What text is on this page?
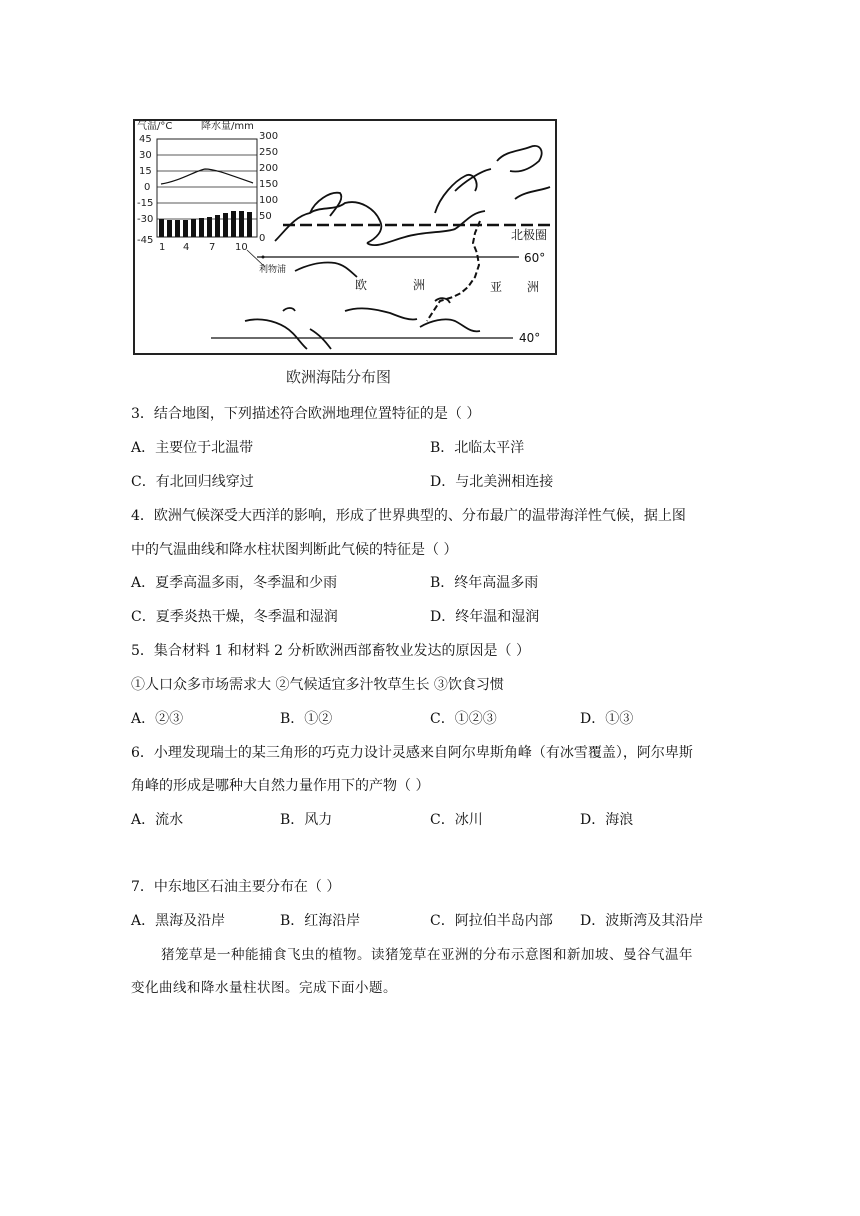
气温/°C
45
30
15
0
-15
-30
-45
降水量/mm
300
250
200
150
100
50
0
1 4 7 10
利物浦
北极圈
60°
40°
欧	洲	亚 洲
欧洲海陆分布图
3．结合地图，下列描述符合欧洲地理位置特征的是（ ）
A．主要位于北温带	B．北临太平洋
C．有北回归线穿过	D．与北美洲相连接
4．欧洲气候深受大西洋的影响，形成了世界典型的、分布最广的温带海洋性气候，据上图
中的气温曲线和降水柱状图判断此气候的特征是（ ）
A．夏季高温多雨，冬季温和少雨	B．终年高温多雨
C．夏季炎热干燥，冬季温和湿润	D．终年温和湿润
5．集合材料 1 和材料 2 分析欧洲西部畜牧业发达的原因是（ ）
①人口众多市场需求大 ②气候适宜多汁牧草生长 ③饮食习惯
A．②③	B．①②	C．①②③	D．①③
6．小理发现瑞士的某三角形的巧克力设计灵感来自阿尔卑斯角峰（有冰雪覆盖），阿尔卑斯
角峰的形成是哪种大自然力量作用下的产物（ ）
A．流水	B．风力	C．冰川	D．海浪
7．中东地区石油主要分布在（ ）
A．黑海及沿岸	B．红海沿岸	C．阿拉伯半岛内部 D．波斯湾及其沿岸
猪笼草是一种能捕食飞虫的植物。读猪笼草在亚洲的分布示意图和新加坡、曼谷气温年
变化曲线和降水量柱状图。完成下面小题。
